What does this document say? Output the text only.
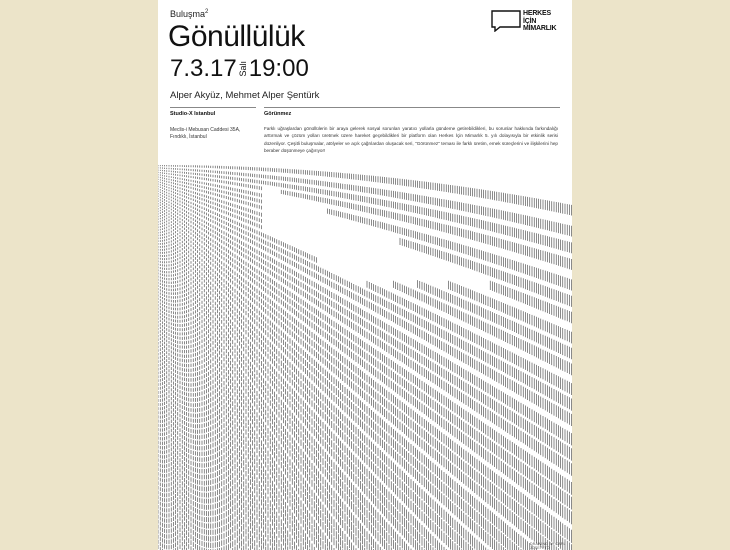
Buluşma$^2$
Gönüllülük
7.3.17 Salı 19:00
Alper Akyüz, Mehmet Alper Şentürk
HERKES
İÇİN
MİMARLIK
Studio-X Istanbul
Meclis-i Mebusan Caddesi 35A, Fındıklı, İstanbul
Görünmez
Farklı uğraşlardan gönüllülerin bir araya gelerek sosyal sorunları yaratıcı yollarla gündeme getirebildikleri, bu sorunlar hakkında farkındalığı arttırmak ve çözüm yolları üretmek üzere hareket geçebildikleri bir platform olan Herkes İçin Mimarlık 5. yılı dolayısıyla bir etkinlik serisi düzenliyor. Çeşitli buluşmalar, atölyeler ve açık çağrılardan oluşacak seri, "Görünmez" teması ile farklı üretim, emek süreçlerini ve ilişkilerini hep beraber düşünmeye çağırıyor!
DRAWING BY CARL JOSEFFTO
